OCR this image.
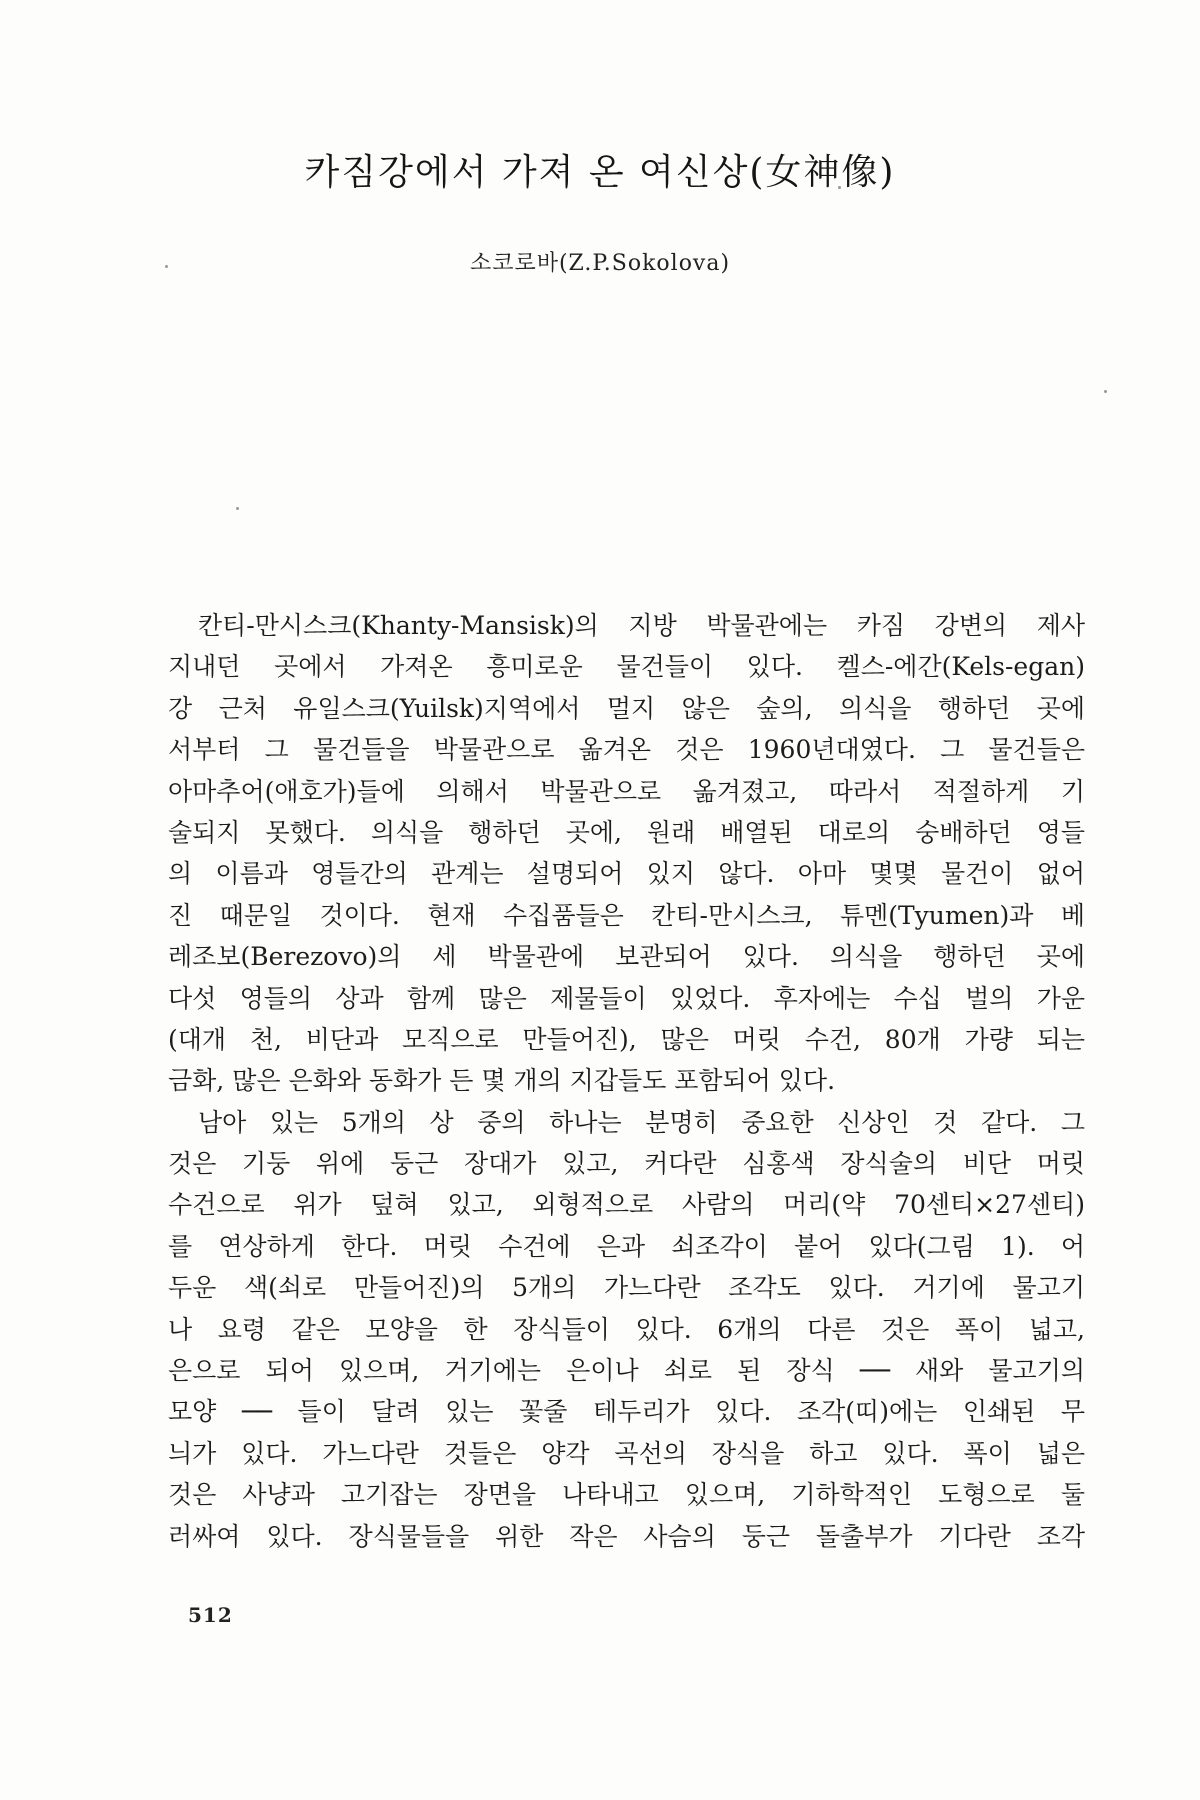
카짐강에서 가져 온 여신상(女神像)
소코로바(Z.P.Sokolova)
칸티-만시스크(Khanty-Mansisk)의 지방 박물관에는 카짐 강변의 제사
지내던 곳에서 가져온 흥미로운 물건들이 있다. 켈스-에간(Kels-egan)
강 근처 유일스크(Yuilsk)지역에서 멀지 않은 숲의, 의식을 행하던 곳에
서부터 그 물건들을 박물관으로 옮겨온 것은 1960년대였다. 그 물건들은
아마추어(애호가)들에 의해서 박물관으로 옮겨졌고, 따라서 적절하게 기
술되지 못했다. 의식을 행하던 곳에, 원래 배열된 대로의 숭배하던 영들
의 이름과 영들간의 관계는 설명되어 있지 않다. 아마 몇몇 물건이 없어
진 때문일 것이다. 현재 수집품들은 칸티-만시스크, 튜멘(Tyumen)과 베
레조보(Berezovo)의 세 박물관에 보관되어 있다. 의식을 행하던 곳에
다섯 영들의 상과 함께 많은 제물들이 있었다. 후자에는 수십 벌의 가운
(대개 천, 비단과 모직으로 만들어진), 많은 머릿 수건, 80개 가량 되는
금화, 많은 은화와 동화가 든 몇 개의 지갑들도 포함되어 있다.
남아 있는 5개의 상 중의 하나는 분명히 중요한 신상인 것 같다. 그
것은 기둥 위에 둥근 장대가 있고, 커다란 심홍색 장식술의 비단 머릿
수건으로 위가 덮혀 있고, 외형적으로 사람의 머리(약 70센티×27센티)
를 연상하게 한다. 머릿 수건에 은과 쇠조각이 붙어 있다(그림 1). 어
두운 색(쇠로 만들어진)의 5개의 가느다란 조각도 있다. 거기에 물고기
나 요령 같은 모양을 한 장식들이 있다. 6개의 다른 것은 폭이 넓고,
은으로 되어 있으며, 거기에는 은이나 쇠로 된 장식 ── 새와 물고기의
모양 ── 들이 달려 있는 꽃줄 테두리가 있다. 조각(띠)에는 인쇄된 무
늬가 있다. 가느다란 것들은 양각 곡선의 장식을 하고 있다. 폭이 넓은
것은 사냥과 고기잡는 장면을 나타내고 있으며, 기하학적인 도형으로 둘
러싸여 있다. 장식물들을 위한 작은 사슴의 둥근 돌출부가 기다란 조각
512
